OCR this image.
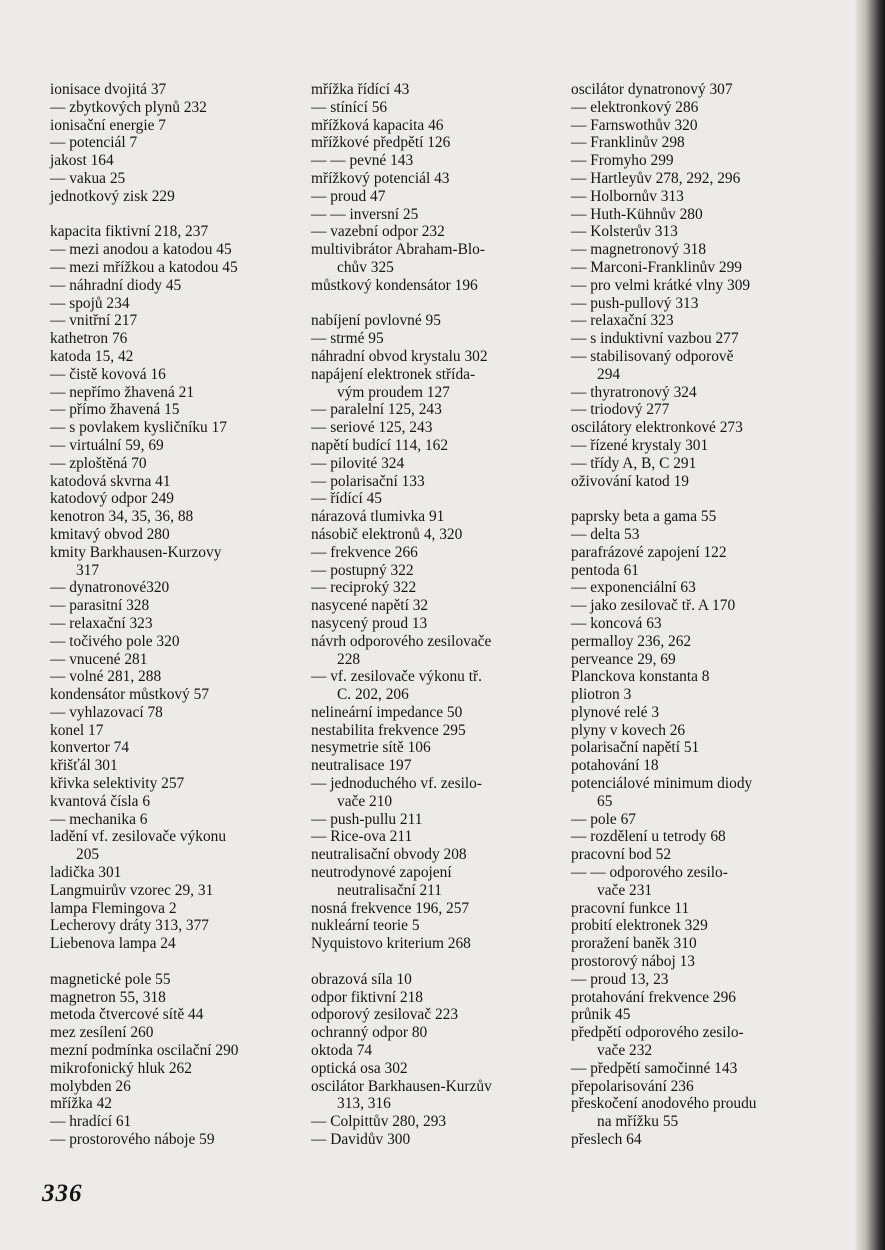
ionisace dvojitá 37
— zbytkových plynů 232
ionisační energie 7
— potenciál 7
jakost 164
— vakua 25
jednotkový zisk 229
kapacita fiktivní 218, 237
— mezi anodou a katodou 45
— mezi mřížkou a katodou 45
— náhradní diody 45
— spojů 234
— vnitřní 217
kathetron 76
katoda 15, 42
— čistě kovová 16
— nepřímo žhavená 21
— přímo žhavená 15
— s povlakem kysličníku 17
— virtuální 59, 69
— zploštěná 70
katodová skvrna 41
katodový odpor 249
kenotron 34, 35, 36, 88
kmitavý obvod 280
kmity Barkhausen-Kurzovy
317
— dynatronové320
— parasitní 328
— relaxační 323
— točivého pole 320
— vnucené 281
— volné 281, 288
kondensátor můstkový 57
— vyhlazovací 78
konel 17
konvertor 74
křišťál 301
křivka selektivity 257
kvantová čísla 6
— mechanika 6
ladění vf. zesilovače výkonu
205
ladička 301
Langmuirův vzorec 29, 31
lampa Flemingova 2
Lecherovy dráty 313, 377
Liebenova lampa 24
magnetické pole 55
magnetron 55, 318
metoda čtvercové sítě 44
mez zesílení 260
mezní podmínka oscilační 290
mikrofonický hluk 262
molybden 26
mřížka 42
— hradící 61
— prostorového náboje 59
mřížka řídící 43
— stínící 56
mřížková kapacita 46
mřížkové předpětí 126
— — pevné 143
mřížkový potenciál 43
— proud 47
— — inversní 25
— vazební odpor 232
multivibrátor Abraham-Blo-
chův 325
můstkový kondensátor 196
nabíjení povlovné 95
— strmé 95
náhradní obvod krystalu 302
napájení elektronek střída-
vým proudem 127
— paralelní 125, 243
— seriové 125, 243
napětí budící 114, 162
— pilovité 324
— polarisační 133
— řídící 45
nárazová tlumivka 91
násobič elektronů 4, 320
— frekvence 266
— postupný 322
— reciproký 322
nasycené napětí 32
nasycený proud 13
návrh odporového zesilovače
228
— vf. zesilovače výkonu tř.
C. 202, 206
nelineární impedance 50
nestabilita frekvence 295
nesymetrie sítě 106
neutralisace 197
— jednoduchého vf. zesilo-
vače 210
— push-pullu 211
— Rice-ova 211
neutralisační obvody 208
neutrodynové zapojení
neutralisační 211
nosná frekvence 196, 257
nukleární teorie 5
Nyquistovo kriterium 268
obrazová síla 10
odpor fiktivní 218
odporový zesilovač 223
ochranný odpor 80
oktoda 74
optická osa 302
oscilátor Barkhausen-Kurzův
313, 316
— Colpittův 280, 293
— Davidův 300
oscilátor dynatronový 307
— elektronkový 286
— Farnswothův 320
— Franklinův 298
— Fromyho 299
— Hartleyův 278, 292, 296
— Holbornův 313
— Huth-Kühnův 280
— Kolsterův 313
— magnetronový 318
— Marconi-Franklinův 299
— pro velmi krátké vlny 309
— push-pullový 313
— relaxační 323
— s induktivní vazbou 277
— stabilisovaný odporově
294
— thyratronový 324
— triodový 277
oscilátory elektronkové 273
— řízené krystaly 301
— třídy A, B, C 291
oživování katod 19
paprsky beta a gama 55
— delta 53
parafrázové zapojení 122
pentoda 61
— exponenciální 63
— jako zesilovač tř. A 170
— koncová 63
permalloy 236, 262
perveance 29, 69
Planckova konstanta 8
pliotron 3
plynové relé 3
plyny v kovech 26
polarisační napětí 51
potahování 18
potenciálové minimum diody
65
— pole 67
— rozdělení u tetrody 68
pracovní bod 52
— — odporového zesilo-
vače 231
pracovní funkce 11
probití elektronek 329
proražení baněk 310
prostorový náboj 13
— proud 13, 23
protahování frekvence 296
průnik 45
předpětí odporového zesilo-
vače 232
— předpětí samočinné 143
přepolarisování 236
přeskočení anodového proudu
na mřížku 55
přeslech 64
336
